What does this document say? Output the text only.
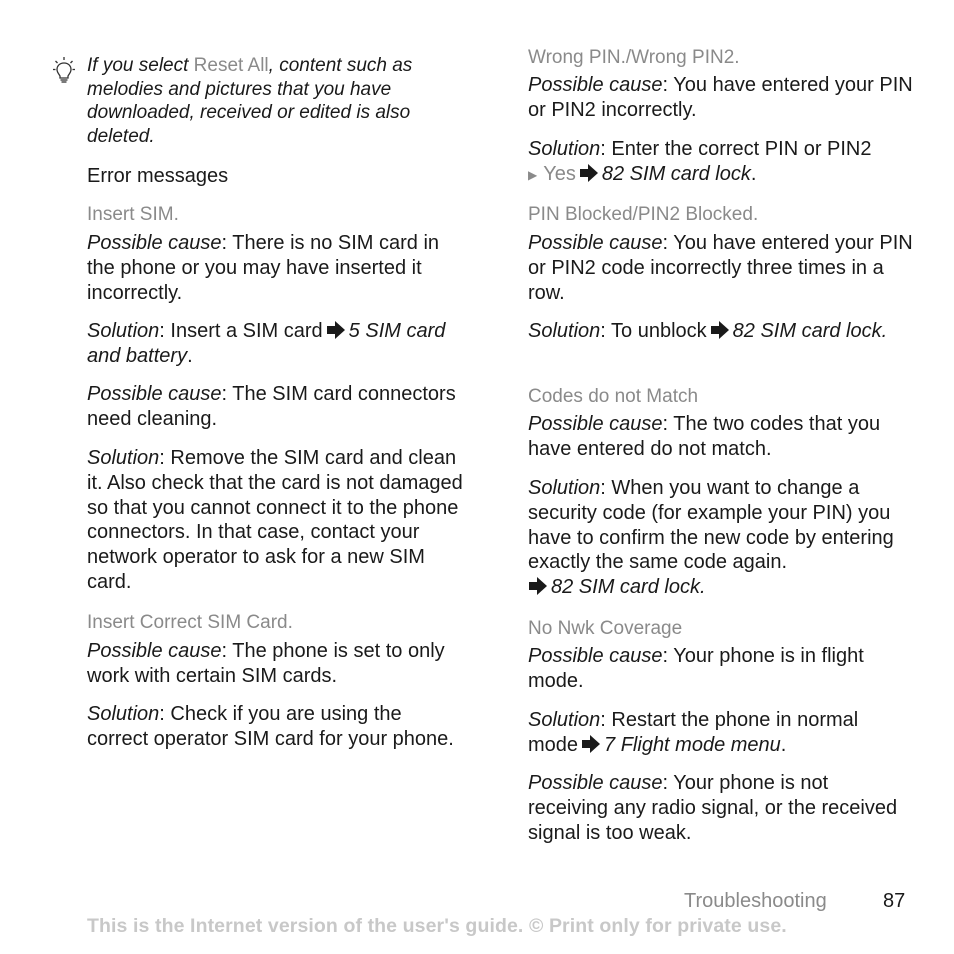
If you select Reset All, content such as melodies and pictures that you have downloaded, received or edited is also deleted.
Error messages
Insert SIM.
Possible cause: There is no SIM card in the phone or you may have inserted it incorrectly.
Solution: Insert a SIM card 5 SIM card and battery.
Possible cause: The SIM card connectors need cleaning.
Solution: Remove the SIM card and clean it. Also check that the card is not damaged so that you cannot connect it to the phone connectors. In that case, contact your network operator to ask for a new SIM card.
Insert Correct SIM Card.
Possible cause: The phone is set to only work with certain SIM cards.
Solution: Check if you are using the correct operator SIM card for your phone.
Wrong PIN./Wrong PIN2.
Possible cause: You have entered your PIN or PIN2 incorrectly.
Solution: Enter the correct PIN or PIN2
▶ Yes 82 SIM card lock.
PIN Blocked/PIN2 Blocked.
Possible cause: You have entered your PIN or PIN2 code incorrectly three times in a row.
Solution: To unblock 82 SIM card lock.
Codes do not Match
Possible cause: The two codes that you have entered do not match.
Solution: When you want to change a security code (for example your PIN) you have to confirm the new code by entering exactly the same code again.
82 SIM card lock.
No Nwk Coverage
Possible cause: Your phone is in flight mode.
Solution: Restart the phone in normal mode 7 Flight mode menu.
Possible cause: Your phone is not receiving any radio signal, or the received signal is too weak.
Troubleshooting	87
This is the Internet version of the user's guide. © Print only for private use.
